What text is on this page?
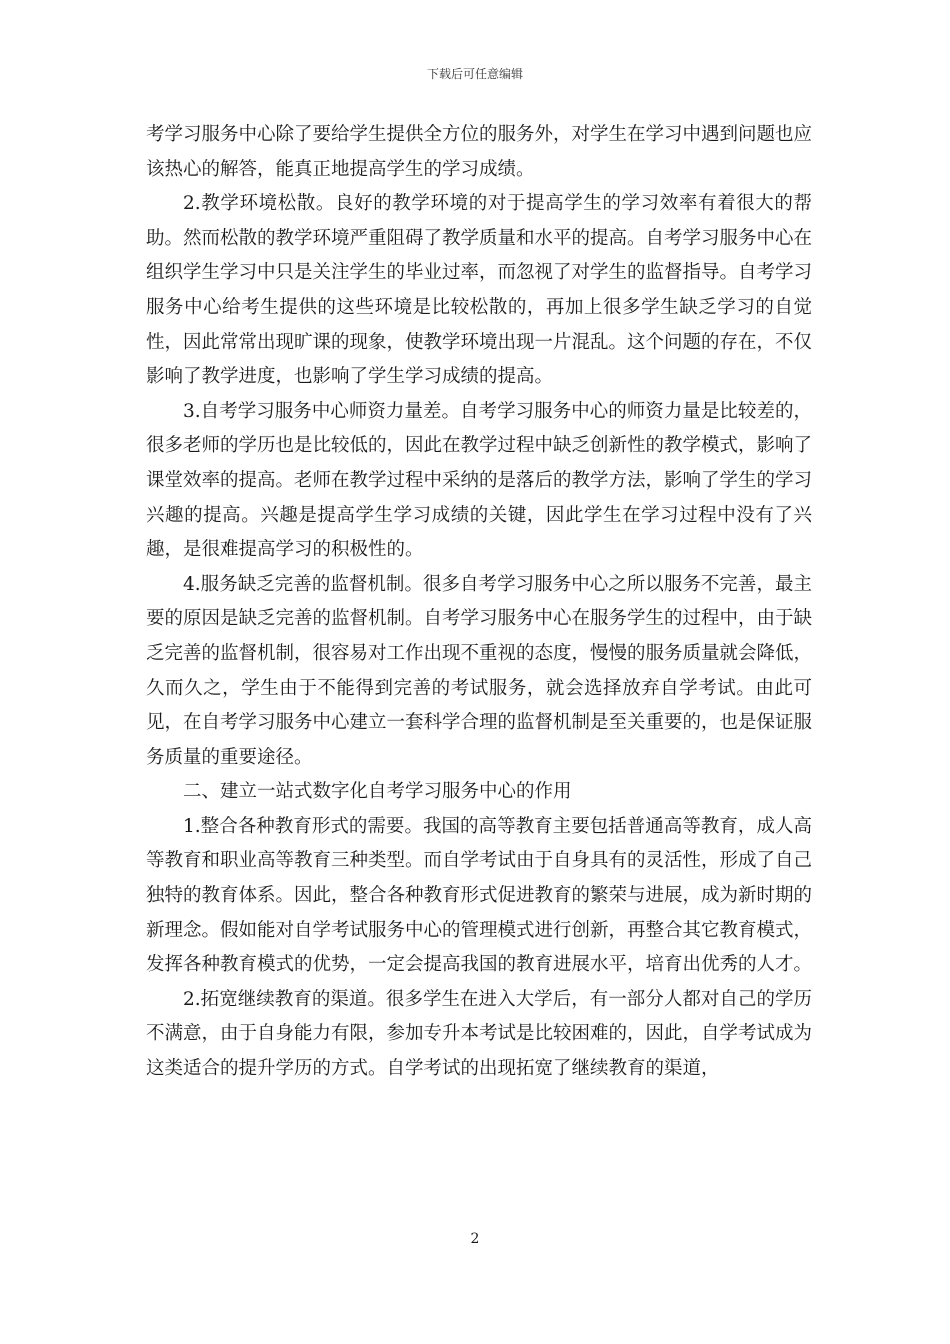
下载后可任意编辑

考学习服务中心除了要给学生提供全方位的服务外，对学生在学习中遇到问题也应该热心的解答，能真正地提高学生的学习成绩。

2.教学环境松散。良好的教学环境的对于提高学生的学习效率有着很大的帮助。然而松散的教学环境严重阻碍了教学质量和水平的提高。自考学习服务中心在组织学生学习中只是关注学生的毕业过率，而忽视了对学生的监督指导。自考学习服务中心给考生提供的这些环境是比较松散的，再加上很多学生缺乏学习的自觉性，因此常常出现旷课的现象，使教学环境出现一片混乱。这个问题的存在，不仅影响了教学进度，也影响了学生学习成绩的提高。

3.自考学习服务中心师资力量差。自考学习服务中心的师资力量是比较差的，很多老师的学历也是比较低的，因此在教学过程中缺乏创新性的教学模式，影响了课堂效率的提高。老师在教学过程中采纳的是落后的教学方法，影响了学生的学习兴趣的提高。兴趣是提高学生学习成绩的关键，因此学生在学习过程中没有了兴趣，是很难提高学习的积极性的。

4.服务缺乏完善的监督机制。很多自考学习服务中心之所以服务不完善，最主要的原因是缺乏完善的监督机制。自考学习服务中心在服务学生的过程中，由于缺乏完善的监督机制，很容易对工作出现不重视的态度，慢慢的服务质量就会降低，久而久之，学生由于不能得到完善的考试服务，就会选择放弃自学考试。由此可见，在自考学习服务中心建立一套科学合理的监督机制是至关重要的，也是保证服务质量的重要途径。

二、建立一站式数字化自考学习服务中心的作用

1.整合各种教育形式的需要。我国的高等教育主要包括普通高等教育，成人高等教育和职业高等教育三种类型。而自学考试由于自身具有的灵活性，形成了自己独特的教育体系。因此，整合各种教育形式促进教育的繁荣与进展，成为新时期的新理念。假如能对自学考试服务中心的管理模式进行创新，再整合其它教育模式，发挥各种教育模式的优势，一定会提高我国的教育进展水平，培育出优秀的人才。

2.拓宽继续教育的渠道。很多学生在进入大学后，有一部分人都对自己的学历不满意，由于自身能力有限，参加专升本考试是比较困难的，因此，自学考试成为这类适合的提升学历的方式。自学考试的出现拓宽了继续教育的渠道，

2
